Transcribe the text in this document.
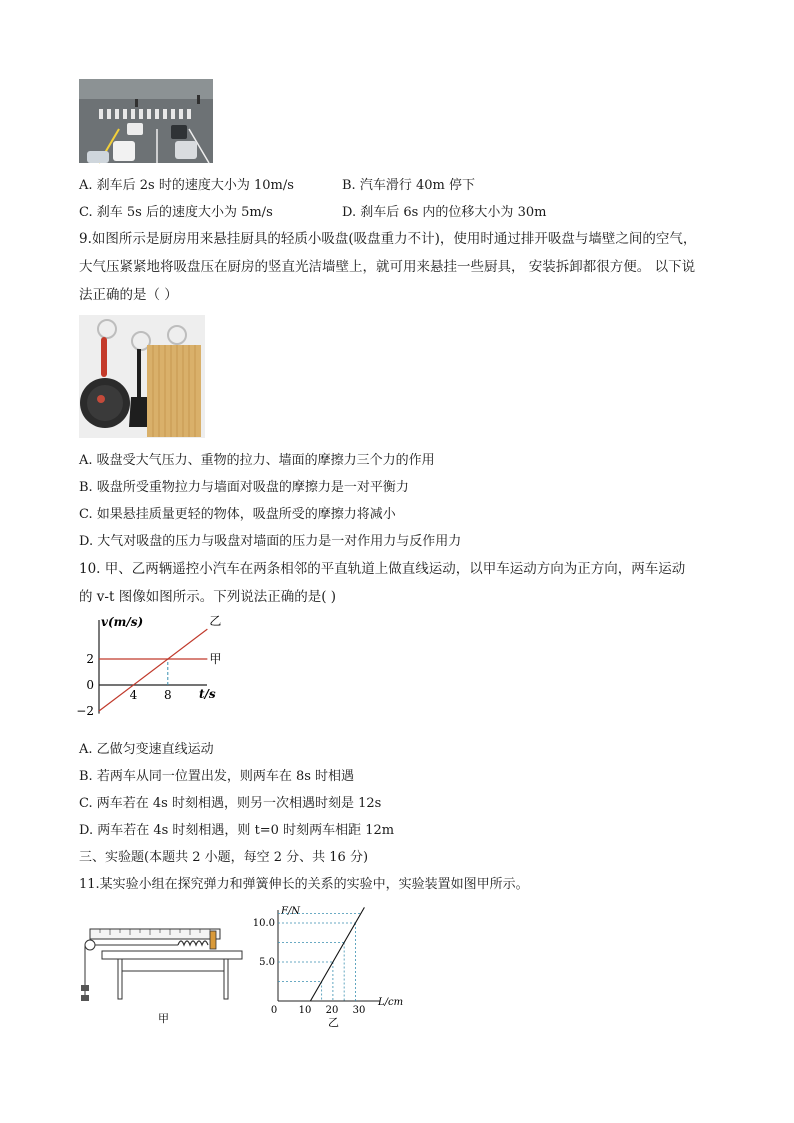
A. 刹车后 2s 时的速度大小为 10m/s	B. 汽车滑行 40m 停下
C. 刹车 5s 后的速度大小为 5m/s	D. 刹车后 6s 内的位移大小为 30m
9.如图所示是厨房用来悬挂厨具的轻质小吸盘(吸盘重力不计)，使用时通过排开吸盘与墙壁之间的空气，
大气压紧紧地将吸盘压在厨房的竖直光洁墙壁上，就可用来悬挂一些厨具， 安装拆卸都很方便。 以下说
法正确的是（ ）
A. 吸盘受大气压力、重物的拉力、墙面的摩擦力三个力的作用
B. 吸盘所受重物拉力与墙面对吸盘的摩擦力是一对平衡力
C. 如果悬挂质量更轻的物体，吸盘所受的摩擦力将减小
D. 大气对吸盘的压力与吸盘对墙面的压力是一对作用力与反作用力
10. 甲、乙两辆遥控小汽车在两条相邻的平直轨道上做直线运动，以甲车运动方向为正方向，两车运动
的 v-t 图像如图所示。下列说法正确的是( )
v(m/s)
t/s
2
0
−2
4 8
甲
乙
A. 乙做匀变速直线运动
B. 若两车从同一位置出发，则两车在 8s 时相遇
C. 两车若在 4s 时刻相遇，则另一次相遇时刻是 12s
D. 两车若在 4s 时刻相遇，则 t=0 时刻两车相距 12m
三、实验题(本题共 2 小题，每空 2 分、共 16 分)
11.某实验小组在探究弹力和弹簧伸长的关系的实验中，实验装置如图甲所示。
甲
F/N
L/cm
5.0
10.0
0 10 20 30
乙
